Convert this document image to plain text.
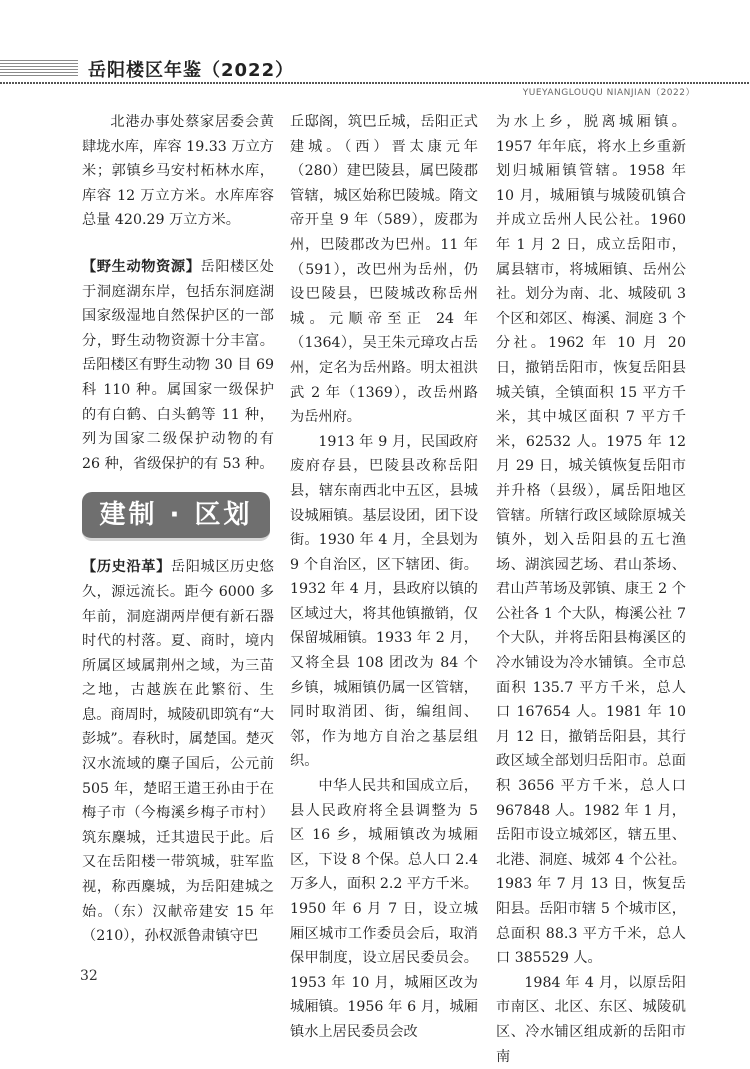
岳阳楼区年鉴（2022）
YUEYANGLOUQU NIANJIAN（2022）

北港办事处蔡家居委会黄肆垅水库，库容 19.33 万立方米；郭镇乡马安村柘林水库，库容 12 万立方米。水库库容总量 420.29 万立方米。

【野生动物资源】岳阳楼区处于洞庭湖东岸，包括东洞庭湖国家级湿地自然保护区的一部分，野生动物资源十分丰富。岳阳楼区有野生动物 30 目 69 科 110 种。属国家一级保护的有白鹤、白头鹤等 11 种，列为国家二级保护动物的有 26 种，省级保护的有 53 种。

建制 · 区划

【历史沿革】岳阳城区历史悠久，源远流长。距今 6000 多年前，洞庭湖两岸便有新石器时代的村落。夏、商时，境内所属区域属荆州之域，为三苗之地，古越族在此繁衍、生息。商周时，城陵矶即筑有“大彭城”。春秋时，属楚国。楚灭汉水流域的麇子国后，公元前 505 年，楚昭王遣王孙由于在梅子市（今梅溪乡梅子市村）筑东麇城，迁其遗民于此。后又在岳阳楼一带筑城，驻军监视，称西麇城，为岳阳建城之始。（东）汉献帝建安 15 年（210），孙权派鲁肃镇守巴

丘邸阁，筑巴丘城，岳阳正式建城。（西）晋太康元年（280）建巴陵县，属巴陵郡管辖，城区始称巴陵城。隋文帝开皇 9 年（589），废郡为州，巴陵郡改为巴州。11 年（591），改巴州为岳州，仍设巴陵县，巴陵城改称岳州城。元顺帝至正 24 年（1364），吴王朱元璋攻占岳州，定名为岳州路。明太祖洪武 2 年（1369），改岳州路为岳州府。

1913 年 9 月，民国政府废府存县，巴陵县改称岳阳县，辖东南西北中五区，县城设城厢镇。基层设团，团下设街。1930 年 4 月，全县划为 9 个自治区，区下辖团、街。1932 年 4 月，县政府以镇的区域过大，将其他镇撤销，仅保留城厢镇。1933 年 2 月，又将全县 108 团改为 84 个乡镇，城厢镇仍属一区管辖，同时取消团、街，编组闾、邻，作为地方自治之基层组织。

中华人民共和国成立后，县人民政府将全县调整为 5 区 16 乡，城厢镇改为城厢区，下设 8 个保。总人口 2.4 万多人，面积 2.2 平方千米。1950 年 6 月 7 日，设立城厢区城市工作委员会后，取消保甲制度，设立居民委员会。1953 年 10 月，城厢区改为城厢镇。1956 年 6 月，城厢镇水上居民委员会改

为水上乡，脱离城厢镇。1957 年年底，将水上乡重新划归城厢镇管辖。1958 年 10 月，城厢镇与城陵矶镇合并成立岳州人民公社。1960 年 1 月 2 日，成立岳阳市，属县辖市，将城厢镇、岳州公社。划分为南、北、城陵矶 3 个区和郊区、梅溪、洞庭 3 个分社。1962 年 10 月 20 日，撤销岳阳市，恢复岳阳县城关镇，全镇面积 15 平方千米，其中城区面积 7 平方千米，62532 人。1975 年 12 月 29 日，城关镇恢复岳阳市并升格（县级），属岳阳地区管辖。所辖行政区域除原城关镇外，划入岳阳县的五七渔场、湖滨园艺场、君山茶场、君山芦苇场及郭镇、康王 2 个公社各 1 个大队，梅溪公社 7 个大队，并将岳阳县梅溪区的冷水铺设为冷水铺镇。全市总面积 135.7 平方千米，总人口 167654 人。1981 年 10 月 12 日，撤销岳阳县，其行政区域全部划归岳阳市。总面积 3656 平方千米，总人口 967848 人。1982 年 1 月，岳阳市设立城郊区，辖五里、北港、洞庭、城郊 4 个公社。1983 年 7 月 13 日，恢复岳阳县。岳阳市辖 5 个城市区，总面积 88.3 平方千米，总人口 385529 人。

1984 年 4 月，以原岳阳市南区、北区、东区、城陵矶区、冷水铺区组成新的岳阳市南

32
